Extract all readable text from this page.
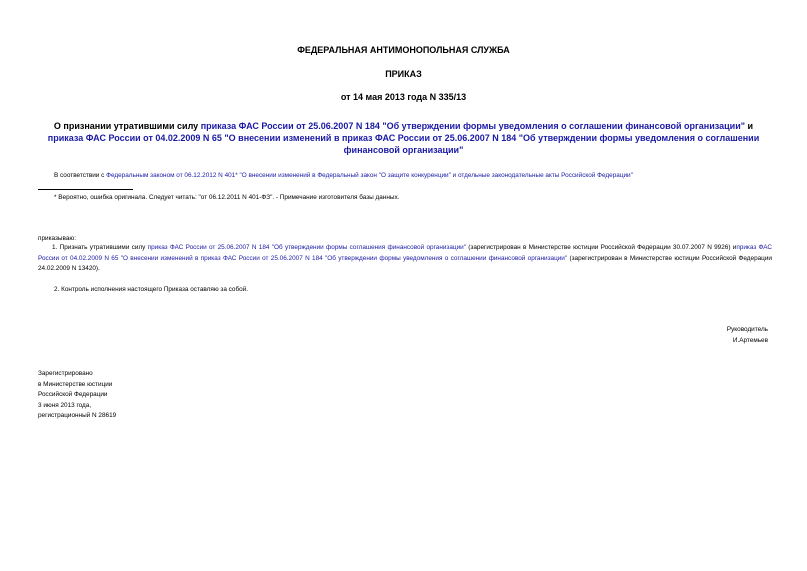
ФЕДЕРАЛЬНАЯ АНТИМОНОПОЛЬНАЯ СЛУЖБА
ПРИКАЗ
от 14 мая 2013 года N 335/13
О признании утратившими силу приказа ФАС России от 25.06.2007 N 184 "Об утверждении формы уведомления о соглашении финансовой организации" и приказа ФАС России от 04.02.2009 N 65 "О внесении изменений в приказ ФАС России от 25.06.2007 N 184 "Об утверждении формы уведомления о соглашении финансовой организации"
В соответствии с Федеральным законом от 06.12.2012 N 401* "О внесении изменений в Федеральный закон "О защите конкуренции" и отдельные законодательные акты Российской Федерации"
* Вероятно, ошибка оригинала. Следует читать: "от 06.12.2011 N 401-ФЗ". - Примечание изготовителя базы данных.
приказываю:
1. Признать утратившими силу приказ ФАС России от 25.06.2007 N 184 "Об утверждении формы соглашения финансовой организации" (зарегистрирован в Министерстве юстиции Российской Федерации 30.07.2007 N 9926) иприказ ФАС России от 04.02.2009 N 65 "О внесении изменений в приказ ФАС России от 25.06.2007 N 184 "Об утверждении формы уведомления о соглашении финансовой организации" (зарегистрирован в Министерстве юстиции Российской Федерации 24.02.2009 N 13420).
2. Контроль исполнения настоящего Приказа оставляю за собой.
Руководитель
И.Артемьев
Зарегистрировано
в Министерстве юстиции
Российской Федерации
3 июня 2013 года,
регистрационный N 28619
